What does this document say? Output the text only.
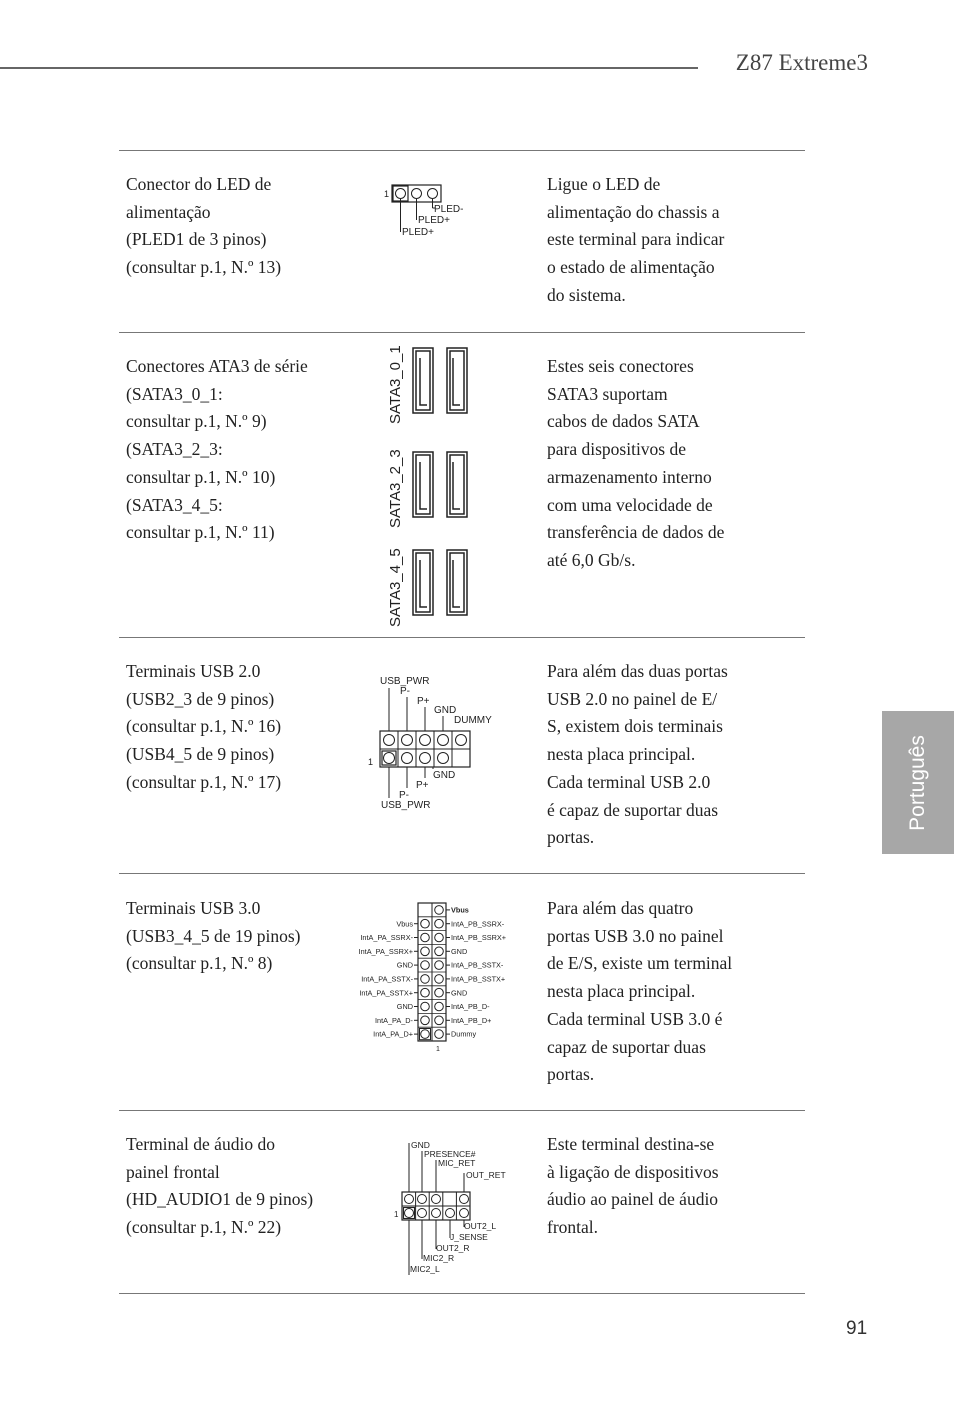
Z87 Extreme3
Português
91
Conector do LED de
alimentação
(PLED1 de 3 pinos)
(consultar p.1, N.º 13)
Ligue o LED de
alimentação do chassis a
este terminal para indicar
o estado de alimentação
do sistema.
1
PLED-
PLED+
PLED+
Conectores ATA3 de série
(SATA3_0_1:
consultar p.1, N.º 9)
(SATA3_2_3:
consultar p.1, N.º 10)
(SATA3_4_5:
consultar p.1, N.º 11)
Estes seis conectores
SATA3 suportam
cabos de dados SATA
para dispositivos de
armazenamento interno
com uma velocidade de
transferência de dados de
até 6,0 Gb/s.
SATA3_0_1
SATA3_2_3
SATA3_4_5
Terminais USB 2.0
(USB2_3 de 9 pinos)
(consultar p.1, N.º 16)
(USB4_5 de 9 pinos)
(consultar p.1, N.º 17)
Para além das duas portas
USB 2.0 no painel de E/
S, existem dois terminais
nesta placa principal.
Cada terminal USB 2.0
é capaz de suportar duas
portas.
USB_PWR
P-
P+
GND
DUMMY
1
GND
P+
P-
USB_PWR
Terminais USB 3.0
(USB3_4_5 de 19 pinos)
(consultar p.1, N.º 8)
Para além das quatro
portas USB 3.0 no painel
de E/S, existe um terminal
nesta placa principal.
Cada terminal USB 3.0 é
capaz de suportar duas
portas.
1
Vbus
IntA_PB_SSRX-
Vbus
IntA_PB_SSRX+
IntA_PA_SSRX-
GND
IntA_PA_SSRX+
IntA_PB_SSTX-
GND
IntA_PB_SSTX+
IntA_PA_SSTX-
GND
IntA_PA_SSTX+
IntA_PB_D-
GND
IntA_PB_D+
IntA_PA_D-
Dummy
IntA_PA_D+
Terminal de áudio do
painel frontal
(HD_AUDIO1 de 9 pinos)
(consultar p.1, N.º 22)
Este terminal destina-se
à ligação de dispositivos
áudio ao painel de áudio
frontal.
GND
PRESENCE#
MIC_RET
OUT_RET
1
OUT2_L
J_SENSE
OUT2_R
MIC2_R
MIC2_L
